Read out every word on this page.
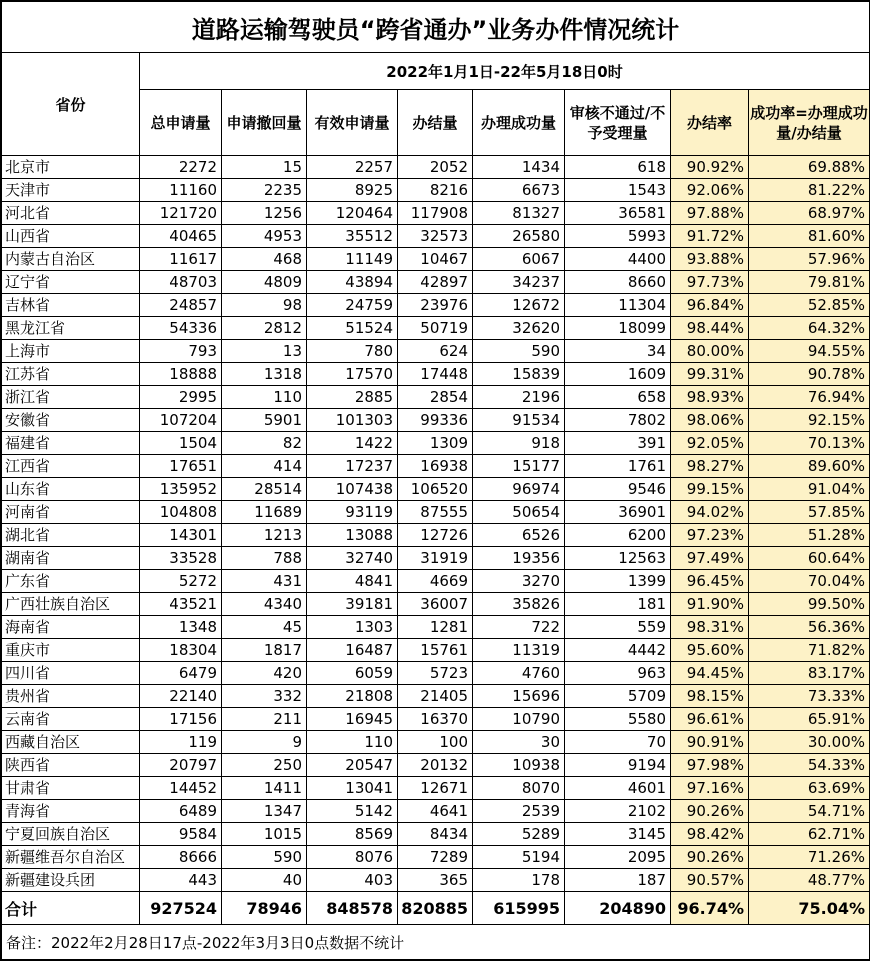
道路运输驾驶员“跨省通办”业务办件情况统计								
省份	2022年1月1日-22年5月18日0时							
	总申请量	申请撤回量	有效申请量	办结量	办理成功量	审核不通过/不予受理量	办结率	成功率=办理成功量/办结量
北京市	2272	15	2257	2052	1434	618	90.92%	69.88%
天津市	11160	2235	8925	8216	6673	1543	92.06%	81.22%
河北省	121720	1256	120464	117908	81327	36581	97.88%	68.97%
山西省	40465	4953	35512	32573	26580	5993	91.72%	81.60%
内蒙古自治区	11617	468	11149	10467	6067	4400	93.88%	57.96%
辽宁省	48703	4809	43894	42897	34237	8660	97.73%	79.81%
吉林省	24857	98	24759	23976	12672	11304	96.84%	52.85%
黑龙江省	54336	2812	51524	50719	32620	18099	98.44%	64.32%
上海市	793	13	780	624	590	34	80.00%	94.55%
江苏省	18888	1318	17570	17448	15839	1609	99.31%	90.78%
浙江省	2995	110	2885	2854	2196	658	98.93%	76.94%
安徽省	107204	5901	101303	99336	91534	7802	98.06%	92.15%
福建省	1504	82	1422	1309	918	391	92.05%	70.13%
江西省	17651	414	17237	16938	15177	1761	98.27%	89.60%
山东省	135952	28514	107438	106520	96974	9546	99.15%	91.04%
河南省	104808	11689	93119	87555	50654	36901	94.02%	57.85%
湖北省	14301	1213	13088	12726	6526	6200	97.23%	51.28%
湖南省	33528	788	32740	31919	19356	12563	97.49%	60.64%
广东省	5272	431	4841	4669	3270	1399	96.45%	70.04%
广西壮族自治区	43521	4340	39181	36007	35826	181	91.90%	99.50%
海南省	1348	45	1303	1281	722	559	98.31%	56.36%
重庆市	18304	1817	16487	15761	11319	4442	95.60%	71.82%
四川省	6479	420	6059	5723	4760	963	94.45%	83.17%
贵州省	22140	332	21808	21405	15696	5709	98.15%	73.33%
云南省	17156	211	16945	16370	10790	5580	96.61%	65.91%
西藏自治区	119	9	110	100	30	70	90.91%	30.00%
陕西省	20797	250	20547	20132	10938	9194	97.98%	54.33%
甘肃省	14452	1411	13041	12671	8070	4601	97.16%	63.69%
青海省	6489	1347	5142	4641	2539	2102	90.26%	54.71%
宁夏回族自治区	9584	1015	8569	8434	5289	3145	98.42%	62.71%
新疆维吾尔自治区	8666	590	8076	7289	5194	2095	90.26%	71.26%
新疆建设兵团	443	40	403	365	178	187	90.57%	48.77%
合计	927524	78946	848578	820885	615995	204890	96.74%	75.04%
备注：2022年2月28日17点-2022年3月3日0点数据不统计								
